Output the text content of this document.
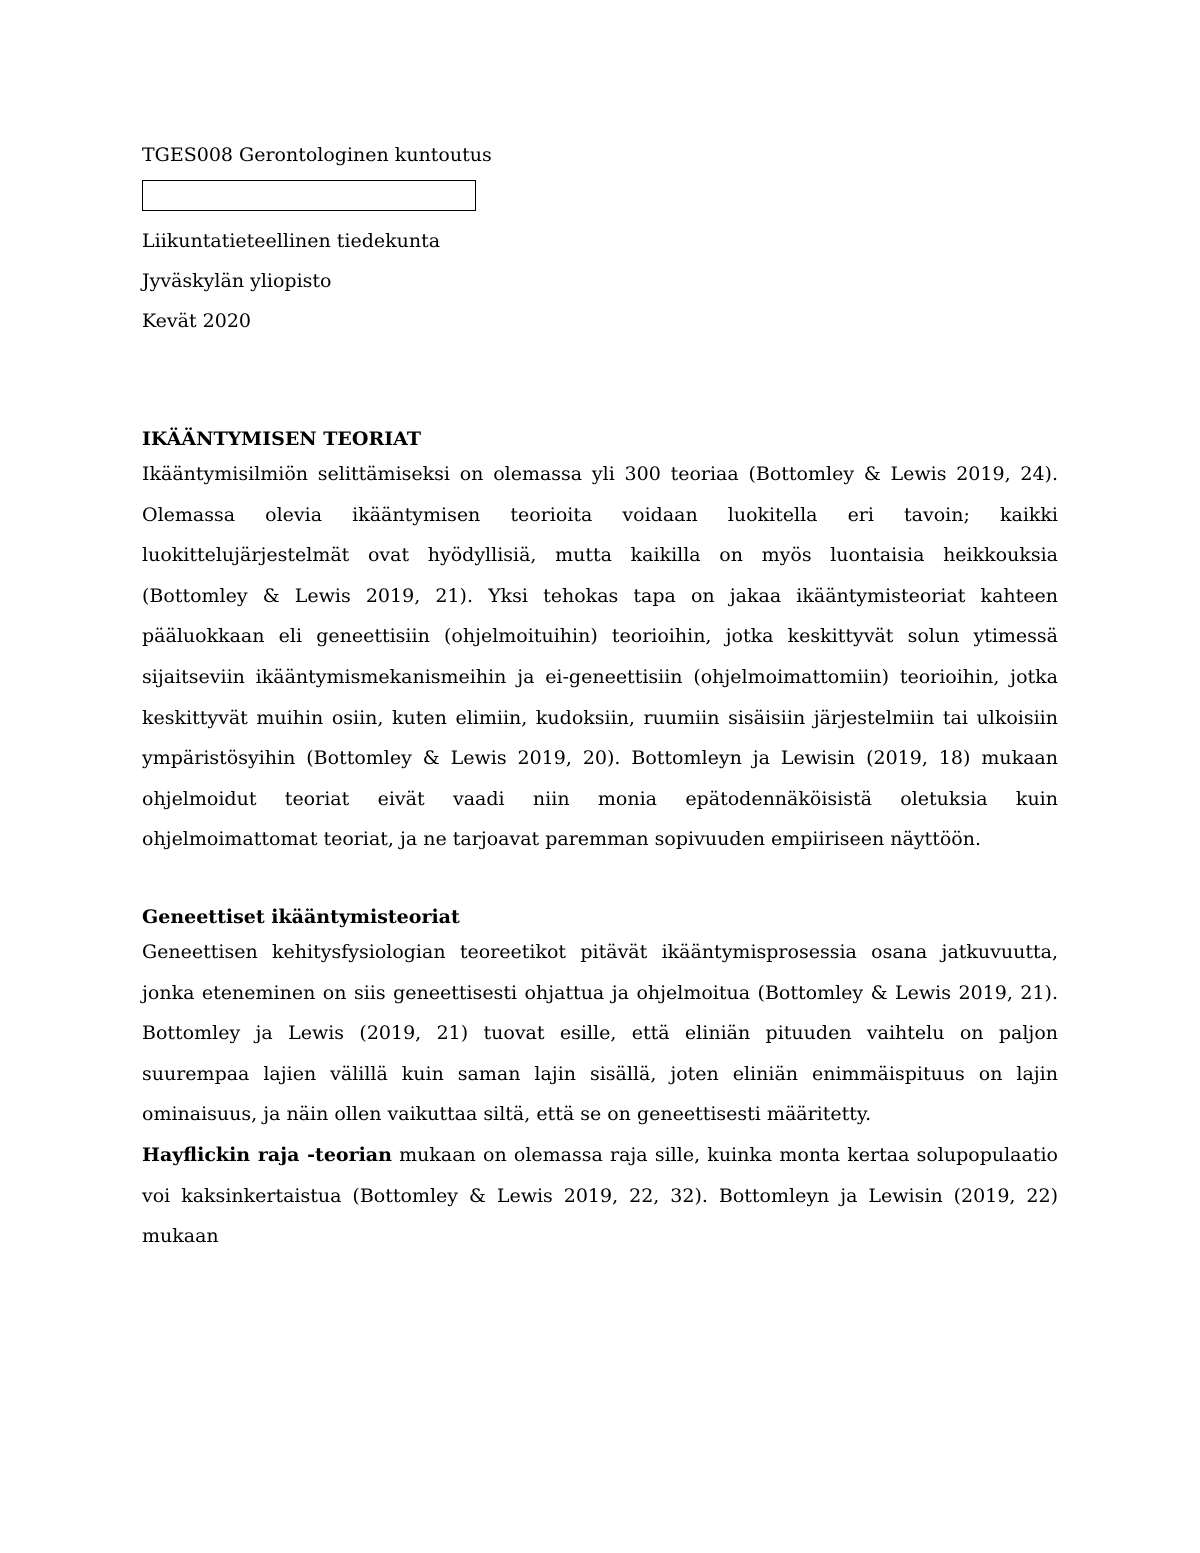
TGES008 Gerontologinen kuntoutus

Liikuntatieteellinen tiedekunta

Jyväskylän yliopisto

Kevät 2020

IKÄÄNTYMISEN TEORIAT

Ikääntymisilmiön selittämiseksi on olemassa yli 300 teoriaa (Bottomley & Lewis 2019, 24). Olemassa olevia ikääntymisen teorioita voidaan luokitella eri tavoin; kaikki luokittelujärjestelmät ovat hyödyllisiä, mutta kaikilla on myös luontaisia heikkouksia (Bottomley & Lewis 2019, 21). Yksi tehokas tapa on jakaa ikääntymisteoriat kahteen pääluokkaan eli geneettisiin (ohjelmoituihin) teorioihin, jotka keskittyvät solun ytimessä sijaitseviin ikääntymismekanismeihin ja ei-geneettisiin (ohjelmoimattomiin) teorioihin, jotka keskittyvät muihin osiin, kuten elimiin, kudoksiin, ruumiin sisäisiin järjestelmiin tai ulkoisiin ympäristösyihin (Bottomley & Lewis 2019, 20). Bottomleyn ja Lewisin (2019, 18) mukaan ohjelmoidut teoriat eivät vaadi niin monia epätodennäköisistä oletuksia kuin ohjelmoimattomat teoriat, ja ne tarjoavat paremman sopivuuden empiiriseen näyttöön.

Geneettiset ikääntymisteoriat

Geneettisen kehitysfysiologian teoreetikot pitävät ikääntymisprosessia osana jatkuvuutta, jonka eteneminen on siis geneettisesti ohjattua ja ohjelmoitua (Bottomley & Lewis 2019, 21). Bottomley ja Lewis (2019, 21) tuovat esille, että eliniän pituuden vaihtelu on paljon suurempaa lajien välillä kuin saman lajin sisällä, joten eliniän enimmäispituus on lajin ominaisuus, ja näin ollen vaikuttaa siltä, että se on geneettisesti määritetty.

Hayflickin raja -teorian mukaan on olemassa raja sille, kuinka monta kertaa solupopulaatio voi kaksinkertaistua (Bottomley & Lewis 2019, 22, 32). Bottomleyn ja Lewisin (2019, 22) mukaan
